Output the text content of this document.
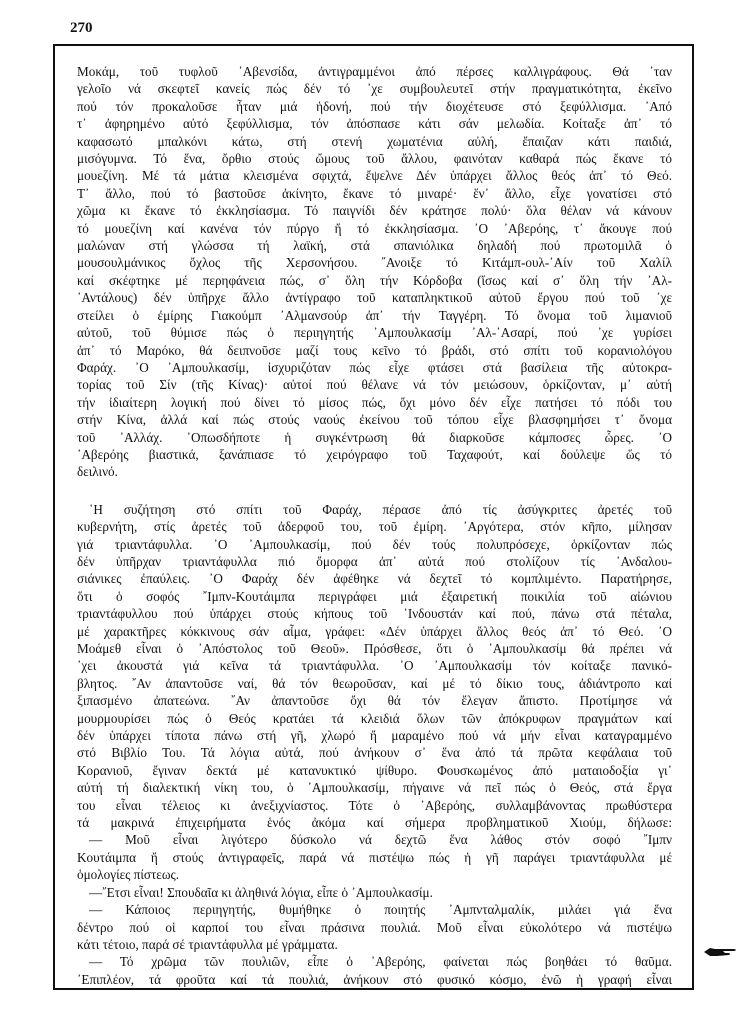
270
Μοκάμ, τοῦ τυφλοῦ ᾿Αβενσίδα, ἀντιγραμμένοι ἀπό πέρσες καλλιγράφους. Θά ᾿ταν
γελοῖο νά σκεφτεῖ κανείς πώς δέν τό ᾿χε συμβουλευτεῖ στήν πραγματικότητα, ἐκεῖνο
πού τόν προκαλοῦσε ἦταν μιά ἡδονή, πού τήν διοχέτευσε στό ξεφύλλισμα. ᾿Από
τ᾿ ἀφηρημένο αὐτό ξεφύλλισμα, τόν ἀπόσπασε κάτι σάν μελωδία. Κοίταξε ἀπ᾿ τό
καφασωτό μπαλκόνι κάτω, στή στενή χωματένια αὐλή, ἔπαιζαν κάτι παιδιά,
μισόγυμνα. Τό ἕνα, ὄρθιο στούς ὤμους τοῦ ἄλλου, φαινόταν καθαρά πώς ἔκανε τό
μουεζίνη. Μέ τά μάτια κλεισμένα σφιχτά, ἔψελνε Δέν ὑπάρχει ἄλλος θεός ἀπ᾿ τό Θεό.
Τ᾿ ἄλλο, πού τό βαστοῦσε ἀκίνητο, ἔκανε τό μιναρέ· ἕν᾿ ἄλλο, εἶχε γονατίσει στό
χῶμα κι ἔκανε τό ἐκκλησίασμα. Τό παιγνίδι δέν κράτησε πολύ· ὅλα θέλαν νά κάνουν
τό μουεζίνη καί κανένα τόν πύργο ἤ τό ἐκκλησίασμα. ᾿Ο ᾿Αβερόης, τ᾿ ἄκουγε πού
μαλώναν στή γλώσσα τή λαϊκή, στά σπανιόλικα δηλαδή πού πρωτομιλᾶ ὁ
μουσουλμάνικος ὄχλος τῆς Χερσονήσου. ῎Ανοιξε τό Κιτάμπ-ουλ-᾿Αίν τοῦ Χαλίλ
καί σκέφτηκε μέ περηφάνεια πώς, σ᾿ ὅλη τήν Κόρδοβα (ἴσως καί σ᾿ ὅλη τήν ᾿Αλ-
᾿Αντάλους) δέν ὑπῆρχε ἄλλο ἀντίγραφο τοῦ καταπληκτικοῦ αὐτοῦ ἔργου πού τοῦ ᾿χε
στείλει ὁ ἐμίρης Γιακούμπ ᾿Αλμανσούρ ἀπ᾿ τήν Ταγγέρη. Τό ὄνομα τοῦ λιμανιοῦ
αὐτοῦ, τοῦ θύμισε πώς ὁ περιηγητής ᾿Αμπουλκασίμ ᾿Αλ-᾿Ασαρί, πού ᾿χε γυρίσει
ἀπ᾿ τό Μαρόκο, θά δειπνοῦσε μαζί τους κεῖνο τό βράδι, στό σπίτι τοῦ κορανιολόγου
Φαράχ. ᾿Ο ᾿Αμπουλκασίμ, ἰσχυριζόταν πώς εἶχε φτάσει στά βασίλεια τῆς αὐτοκρα-
τορίας τοῦ Σίν (τῆς Κίνας)· αὐτοί πού θέλανε νά τόν μειώσουν, ὁρκίζονταν, μ᾿ αὐτή
τήν ἰδιαίτερη λογική πού δίνει τό μίσος πώς, ὄχι μόνο δέν εἶχε πατήσει τό πόδι του
στήν Κίνα, ἀλλά καί πώς στούς ναούς ἐκείνου τοῦ τόπου εἶχε βλασφημήσει τ᾿ ὄνομα
τοῦ ᾿Αλλάχ. ᾿Οπωσδήποτε ἡ συγκέντρωση θά διαρκοῦσε κάμποσες ὧρες. ᾿Ο
᾿Αβερόης βιαστικά, ξανάπιασε τό χειρόγραφο τοῦ Ταχαφούτ, καί δούλεψε ὥς τό
δειλινό.
῾Η συζήτηση στό σπίτι τοῦ Φαράχ, πέρασε ἀπό τίς ἀσύγκριτες ἀρετές τοῦ
κυβερνήτη, στίς ἀρετές τοῦ ἀδερφοῦ του, τοῦ ἐμίρη. ᾿Αργότερα, στόν κῆπο, μίλησαν
γιά τριαντάφυλλα. ᾿Ο ᾿Αμπουλκασίμ, πού δέν τούς πολυπρόσεχε, ὁρκίζονταν πώς
δέν ὑπῆρχαν τριαντάφυλλα πιό ὄμορφα ἀπ᾿ αὐτά πού στολίζουν τίς ᾿Ανδαλου-
σιάνικες ἐπαύλεις. ᾿Ο Φαράχ δέν ἀφέθηκε νά δεχτεῖ τό κομπλιμέντο. Παρατήρησε,
ὅτι ὁ σοφός ῎Ιμπν-Κουτάιμπα περιγράφει μιά ἐξαιρετική ποικιλία τοῦ αἰώνιου
τριαντάφυλλου πού ὑπάρχει στούς κήπους τοῦ ᾿Ινδουστάν καί πού, πάνω στά πέταλα,
μέ χαρακτῆρες κόκκινους σάν αἷμα, γράφει: «Δέν ὑπάρχει ἄλλος θεός ἀπ᾿ τό Θεό. ᾿Ο
Μοάμεθ εἶναι ὁ ᾿Απόστολος τοῦ Θεοῦ». Πρόσθεσε, ὅτι ὁ ᾿Αμπουλκασίμ θά πρέπει νά
᾿χει ἀκουστά γιά κεῖνα τά τριαντάφυλλα. ᾿Ο ᾿Αμπουλκασίμ τόν κοίταξε πανικό-
βλητος. ῎Αν ἀπαντοῦσε ναί, θά τόν θεωροῦσαν, καί μέ τό δίκιο τους, ἀδιάντροπο καί
ξιπασμένο ἀπατεώνα. ῎Αν ἀπαντοῦσε ὄχι θά τόν ἔλεγαν ἄπιστο. Προτίμησε νά
μουρμουρίσει πώς ὁ Θεός κρατάει τά κλειδιά ὅλων τῶν ἀπόκρυφων πραγμάτων καί
δέν ὑπάρχει τίποτα πάνω στή γῆ, χλωρό ἤ μαραμένο πού νά μήν εἶναι καταγραμμένο
στό Βιβλίο Του. Τά λόγια αὐτά, πού ἀνήκουν σ᾿ ἕνα ἀπό τά πρῶτα κεφάλαια τοῦ
Κορανιοῦ, ἔγιναν δεκτά μέ κατανυκτικό ψίθυρο. Φουσκωμένος ἀπό ματαιοδοξία γι᾿
αὐτή τή διαλεκτική νίκη του, ὁ ᾿Αμπουλκασίμ, πήγαινε νά πεῖ πώς ὁ Θεός, στά ἔργα
του εἶναι τέλειος κι ἀνεξιχνίαστος. Τότε ὁ ᾿Αβερόης, συλλαμβάνοντας πρωθύστερα
τά μακρινά ἐπιχειρήματα ἑνός ἀκόμα καί σήμερα προβληματικοῦ Χιούμ, δήλωσε:
— Μοῦ εἶναι λιγότερο δύσκολο νά δεχτῶ ἕνα λάθος στόν σοφό ῎Ιμπν
Κουτάιμπα ἤ στούς ἀντιγραφεῖς, παρά νά πιστέψω πώς ἡ γῆ παράγει τριαντάφυλλα μέ
ὁμολογίες πίστεως.
—῎Ετσι εἶναι! Σπουδαῖα κι ἀληθινά λόγια, εἶπε ὁ ᾿Αμπουλκασίμ.
— Κάποιος περιηγητής, θυμήθηκε ὁ ποιητής ᾿Αμπνταλμαλίκ, μιλάει γιά ἕνα
δέντρο πού οἱ καρποί του εἶναι πράσινα πουλιά. Μοῦ εἶναι εὐκολότερο νά πιστέψω
κάτι τέτοιο, παρά σέ τριαντάφυλλα μέ γράμματα.
— Τό χρῶμα τῶν πουλιῶν, εἶπε ὁ ᾿Αβερόης, φαίνεται πώς βοηθάει τό θαῦμα.
᾿Επιπλέον, τά φροῦτα καί τά πουλιά, ἀνήκουν στό φυσικό κόσμο, ἐνῶ ἡ γραφή εἶναι
